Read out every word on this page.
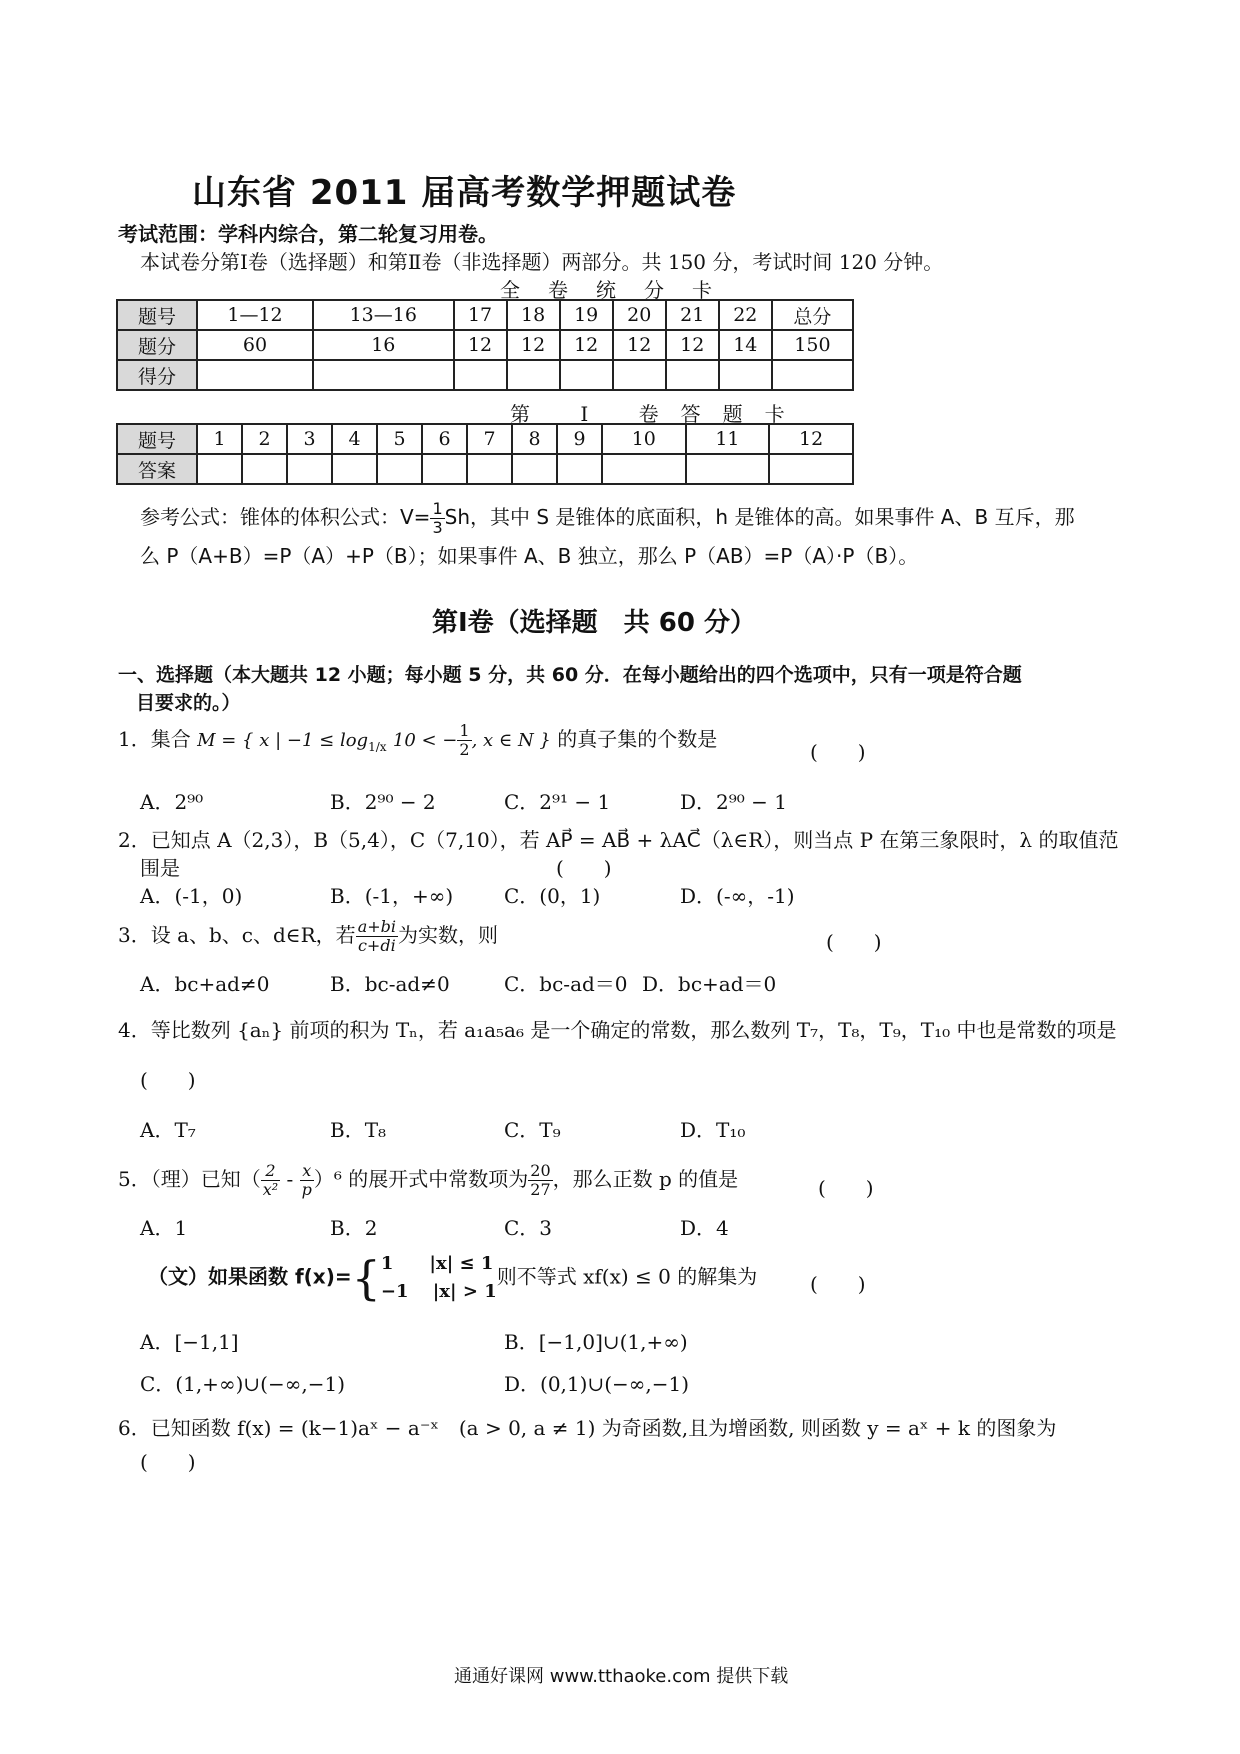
山东省 2011 届高考数学押题试卷
考试范围：学科内综合，第二轮复习用卷。
本试卷分第Ⅰ卷（选择题）和第Ⅱ卷（非选择题）两部分。共 150 分，考试时间 120 分钟。
全卷统分卡
题号	1—12	13—16	17	18	19	20	21	22	总分
题分	60	16	12	12	12	12	12	14	150
得分									
第 I 卷答题卡
题号	1	2	3	4	5	6	7	8	9	10	11	12
答案												
参考公式：锥体的体积公式：$V= \frac{1}{3}$ Sh，其中 S 是锥体的底面积，h 是锥体的高。如果事件 A、B 互斥，那
么 P（A+B）=P（A）+P（B）；如果事件 A、B 独立，那么 P（AB）=P（A）·P（B）。
第Ⅰ卷（选择题　共 60 分）
一、选择题（本大题共 12 小题；每小题 5 分，共 60 分．在每小题给出的四个选项中，只有一项是符合题
目要求的。）
1．集合 M = { x | $-1 \le \log_{1/x} 10$ < − $\frac{1}{2}$ , x ∈ N } 的真子集的个数是
(　　)
A．2⁹⁰	B．2⁹⁰ − 2	C．2⁹¹ − 1	D．2⁹⁰ − 1
2．已知点 A（2,3），B（5,4），C（7,10），若 AP⃗ = AB⃗ + λAC⃗（λ∈R），则当点 P 在第三象限时，λ 的取值范
围是	(　　)
A．(-1，0)	B．(-1，+∞)	C．(0，1)	D．(-∞，-1)
3．设 a、b、c、d∈R，若 $\frac{a+bi}{c+di}$ 为实数，则	(　　)
A．bc+ad≠0	B．bc-ad≠0	C．bc-ad＝0 D．bc+ad＝0
4．等比数列 {aₙ} 前项的积为 Tₙ，若 a₁a₅a₆ 是一个确定的常数，那么数列 T₇，T₈，T₉，T₁₀ 中也是常数的项是
(　　)
A．T₇	B．T₈	C．T₉	D．T₁₀
5．（理）已知（ $\frac{2}{\text{x²}} - \frac{x}{p} )^6$ 的展开式中常数项为 $\frac{20}{27}$ ，那么正数 p 的值是	(　　)
A．1	B．2	C．3	D．4
（文）如果函数 f(x)={ 1　　|x| ≤ 1
−1　 |x| > 1
则不等式 xf(x) ≤ 0 的解集为	(　　)
A．[−1,1]	B．[−1,0]∪(1,+∞)
C．(1,+∞)∪(−∞,−1)	D．(0,1)∪(−∞,−1)
6．已知函数 f(x) = (k−1)aˣ − a⁻ˣ　(a > 0, a ≠ 1) 为奇函数,且为增函数, 则函数 y = aˣ + k 的图象为
(　　)
通通好课网 www.tthaoke.com 提供下载
